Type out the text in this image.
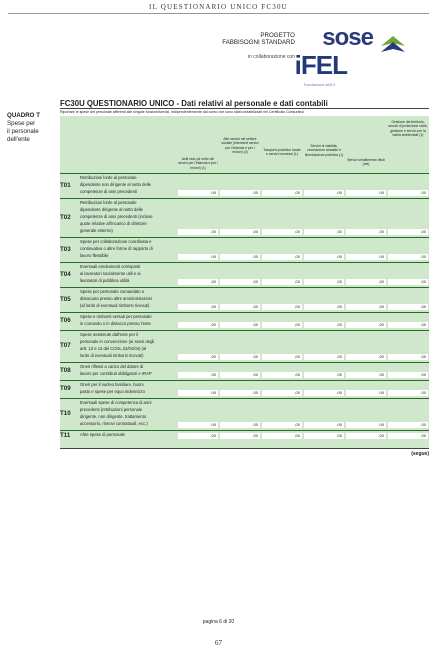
IL QUESTIONARIO UNICO FC30U
PROGETTO
FABBISOGNI STANDARD
in collaborazione con
sose
iFEL
Fondazione ANCI
QUADRO T
Spese per
il personale
dell'ente
FC30U QUESTIONARIO UNICO - Dati relativi al personale e dati contabili
Riportare le spese del personale afferenti alle singole funzioni/servizi, indipendentemente dal conto ove sono stati contabilizzati nel Certificato Consuntivo
Asili nido (al netto dei servizi per l'infanzia e per i minori) (1)
Altri servizi nel settore sociale (Interventi servizi per l'infanzia e per i minori) (4)
Trasporto pubblico locale e servizi connessi (1)
Servizi di viabilità, circolazione stradale e illuminazione pubblica (1)
Servizi smaltimento rifiuti (nel)
Gestione del territorio, servizi di protezione civile, gestione e servizi per la tutela ambientale (1)
T01
Retribuzioni lorde al personale
dipendente non dirigente al netto delle
competenze di anni precedenti	,00	,00	,00	,00	,00	,00
T02
Retribuzioni lorde al personale
dipendente dirigente al netto delle
competenze di anni precedenti (incluse
quote relative all'incarico di direttore
generale esterno)	,00	,00	,00	,00	,00	,00
T03
Spese per collaborazione coordinata e
continuativa o altre forme di rapporto di
lavoro flessibile	,00	,00	,00	,00	,00	,00
T04
Eventuali emolumenti corrisposti
ai lavoratori socialmente utili e ai
lavoratori di pubblica utilità	,00	,00	,00	,00	,00	,00
T05
Spese per personale comandato o
distaccato presso altre amministrazioni
(al lordo di eventuali rimborsi ricevuti)	,00	,00	,00	,00	,00	,00
T06
Spese e rimborsi versati per personale
in comando o in distacco presso l'ente	,00	,00	,00	,00	,00	,00
T07
Spese sostenute dall'ente per il
personale in convenzione (ai sensi degli
artt. 13 e 14 del CCNL 22/01/04) (al
lordo di eventuali rimborsi ricevuti)	,00	,00	,00	,00	,00	,00
T08
Oneri riflessi a carico del datore di
lavoro per contributi obbligatori e IRAP	,00	,00	,00	,00	,00	,00
T09
Oneri per il nucleo familiare, buoni
pasto e spese per equo indennizzo	,00	,00	,00	,00	,00	,00
T10
Eventuali spese di competenza di anni
precedenti (retribuzioni personale
dirigente, non dirigente, trattamento
accessorio, rinnovi contrattuali, ecc.)	,00	,00	,00	,00	,00	,00
T11 Altre spese di personale	,00	,00	,00	,00	,00	,00
(segue)
pagina 6 di 20
67
